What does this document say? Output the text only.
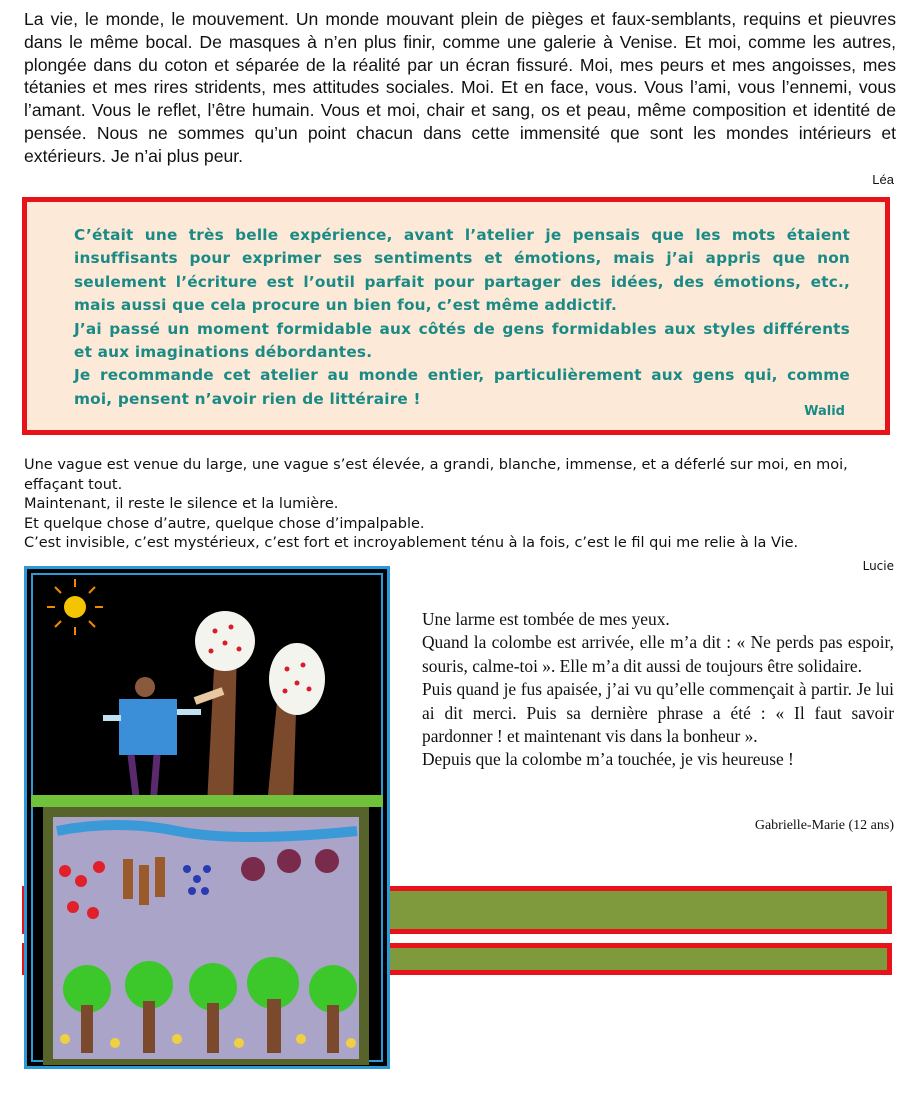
La vie, le monde, le mouvement. Un monde mouvant plein de pièges et faux-semblants, requins et pieuvres dans le même bocal. De masques à n’en plus finir, comme une galerie à Venise. Et moi, comme les autres, plongée dans du coton et séparée de la réalité par un écran fissuré. Moi, mes peurs et mes angoisses, mes tétanies et mes rires stridents, mes attitudes sociales. Moi. Et en face, vous. Vous l’ami, vous l’ennemi, vous l’amant. Vous le reflet, l’être humain. Vous et moi, chair et sang, os et peau, même composition et identité de pensée. Nous ne sommes qu’un point chacun dans cette immensité que sont les mondes intérieurs et extérieurs. Je n’ai plus peur.

Léa

C’était une très belle expérience, avant l’atelier je pensais que les mots étaient insuffisants pour exprimer ses sentiments et émotions, mais j’ai appris que non seulement l’écriture est l’outil parfait pour partager des idées, des émotions, etc., mais aussi que cela procure un bien fou, c’est même addictif.

J’ai passé un moment formidable aux côtés de gens formidables aux styles différents et aux imaginations débordantes.

Je recommande cet atelier au monde entier, particulièrement aux gens qui, comme moi, pensent n’avoir rien de littéraire !

Walid

Une vague est venue du large, une vague s’est élevée, a grandi, blanche, immense, et a déferlé sur moi, en moi, effaçant tout.

Maintenant, il reste le silence et la lumière.

Et quelque chose d’autre, quelque chose d’impalpable.

C’est invisible, c’est mystérieux, c’est fort et incroyablement ténu à la fois, c’est le fil qui me relie à la Vie.

Lucie

Une larme est tombée de mes yeux.

Quand la colombe est arrivée, elle m’a dit : « Ne perds pas espoir, souris, calme-toi ». Elle m’a dit aussi de toujours être solidaire.

Puis quand je fus apaisée, j’ai vu qu’elle commençait à partir. Je lui ai dit merci. Puis sa dernière phrase a été : « Il faut savoir pardonner ! et maintenant vis dans la bonheur ».

Depuis que la colombe m’a touchée, je vis heureuse !

Gabrielle-Marie (12 ans)
